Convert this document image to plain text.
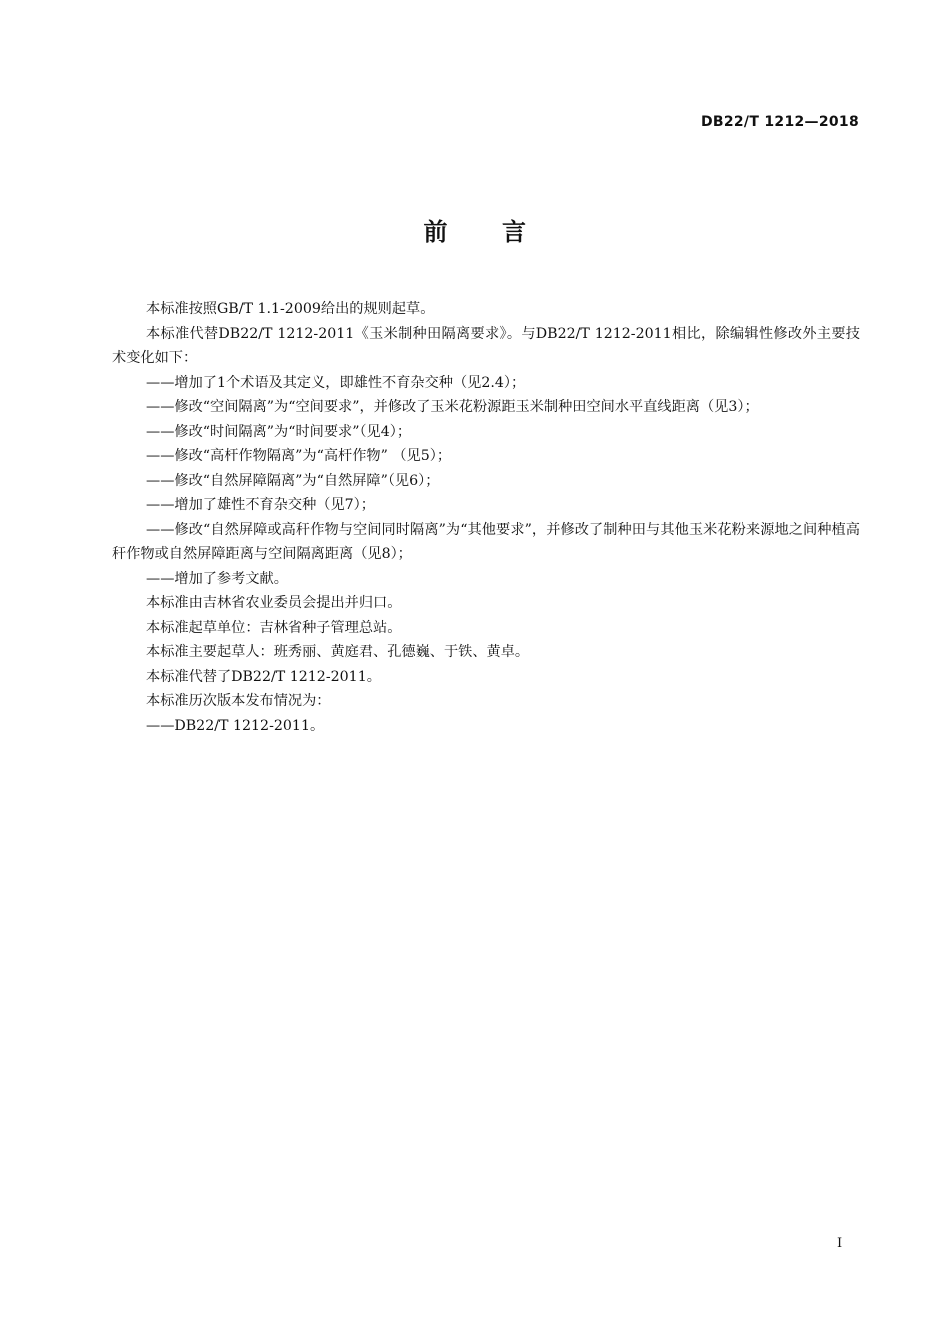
DB22/T 1212—2018
前 言

本标准按照GB/T 1.1-2009给出的规则起草。

本标准代替DB22/T 1212-2011《玉米制种田隔离要求》。与DB22/T 1212-2011相比，除编辑性修改外主要技术变化如下：

——增加了1个术语及其定义，即雄性不育杂交种（见2.4）；

——修改“空间隔离”为“空间要求”，并修改了玉米花粉源距玉米制种田空间水平直线距离（见3）；

——修改“时间隔离”为“时间要求”（见4）；

——修改“高杆作物隔离”为“高杆作物” （见5）；

——修改“自然屏障隔离”为“自然屏障”（见6）；

——增加了雄性不育杂交种（见7）；

——修改“自然屏障或高秆作物与空间同时隔离”为“其他要求”，并修改了制种田与其他玉米花粉来源地之间种植高秆作物或自然屏障距离与空间隔离距离（见8）；

——增加了参考文献。

本标准由吉林省农业委员会提出并归口。

本标准起草单位：吉林省种子管理总站。

本标准主要起草人：班秀丽、黄庭君、孔德巍、于铁、黄卓。

本标准代替了DB22/T 1212-2011。

本标准历次版本发布情况为：

——DB22/T 1212-2011。

I
